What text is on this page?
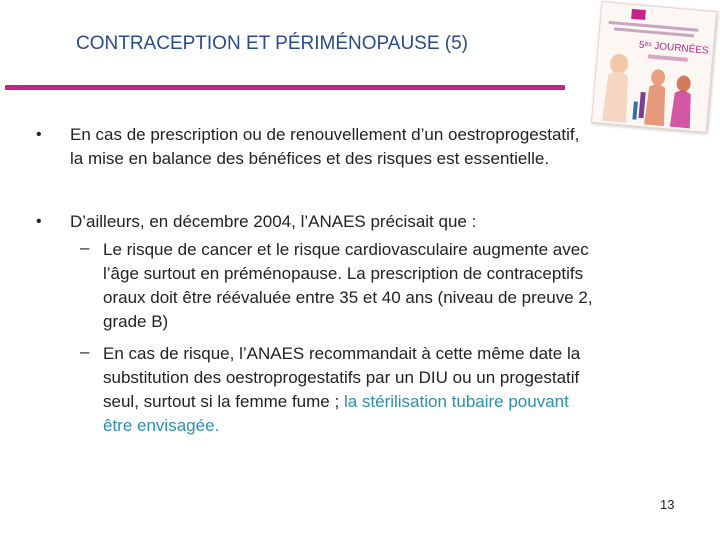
CONTRACEPTION ET PÉRIMÉNOPAUSE (5)	5ᵉˢ JOURNÉES
• En cas de prescription ou de renouvellement d’un oestroprogestatif,
la mise en balance des bénéfices et des risques est essentielle.
• D’ailleurs, en décembre 2004, l’ANAES précisait que :
– Le risque de cancer et le risque cardiovasculaire augmente avec
l’âge surtout en préménopause. La prescription de contraceptifs
oraux doit être réévaluée entre 35 et 40 ans (niveau de preuve 2,
grade B)
– En cas de risque, l’ANAES recommandait à cette même date la
substitution des oestroprogestatifs par un DIU ou un progestatif
seul, surtout si la femme fume ; la stérilisation tubaire pouvant
être envisagée.
13
